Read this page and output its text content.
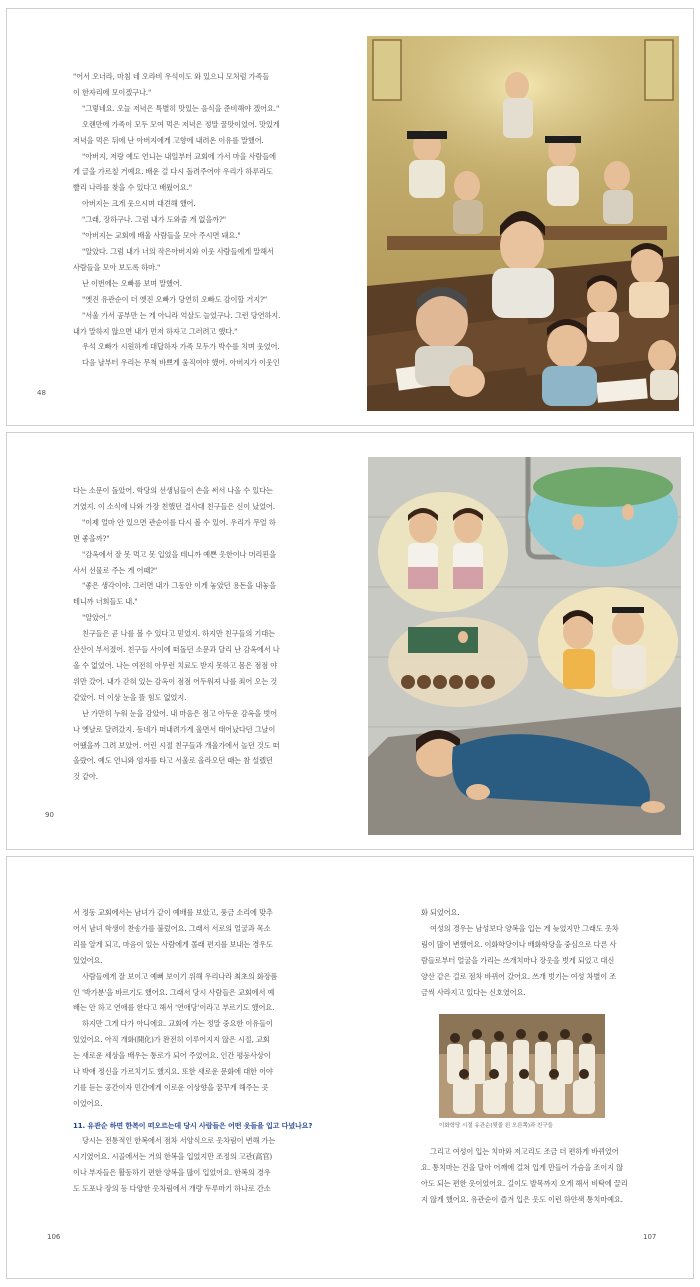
"어서 오너라, 마침 네 오라비 우석이도 와 있으니 모처럼 가족들

이 한자리에 모이겠구나."

"그렇네요. 오늘 저녁은 특별히 맛있는 음식을 준비해야 겠어요."

오랜만에 가족이 모두 모여 먹은 저녁은 정말 꿀맛이었어. 맛있게

저녁을 먹은 뒤에 난 아버지에게 고향에 내려온 이유를 말했어.

"아버지, 저랑 예도 언니는 내일부터 교회에 가서 마을 사람들에

게 글을 가르칠 거예요. 배운 걸 다시 돌려주어야 우리가 하루라도

빨리 나라를 찾을 수 있다고 배웠어요."

아버지는 크게 웃으시며 대견해 했어.

"그래, 장하구나. 그럼 내가 도와줄 게 없을까?"

"아버지는 교회에 배울 사람들을 모아 주시면 돼요."

"알았다. 그럼 내가 너의 작은아버지와 이웃 사람들에게 말해서

사람들을 모아 보도록 하마."

난 이번에는 오빠를 보며 말했어.

"옛진 유관순이 더 옛진 오빠가 당연히 오빠도 감이할 거지?"

"서울 가서 공부만 는 게 아니라 억살도 늘었구나. 그런 당연하지.

내가 말하지 않으면 내가 먼저 하자고 그러려고 했다."

우석 오빠가 시원하게 대답하자 가족 모두가 박수를 치며 웃었어.

다음 날부터 우리는 무척 바쁘게 움직여야 했어. 아버지가 이웃인

48

다는 소문이 돌았어. 학당의 선생님들이 손을 써서 나올 수 있다는

거였지. 이 소식에 나와 가장 친했던 결사대 친구들은 신이 났었어.

"이제 얼마 안 있으면 관순이를 다시 볼 수 있어. 우리가 무얼 하

면 좋을까?"

"감옥에서 잘 못 먹고 못 입었을 테니까 예쁜 옷한이나 머리핀을

사서 선물로 주는 게 어때?"

"좋은 생각이야. 그러면 내가 그동안 이게 놓았던 용돈을 내놓을

테니까 너희들도 내."

"알았어."

친구들은 곧 나를 볼 수 있다고 믿었지. 하지만 친구들의 기대는

산산이 부서졌어. 친구들 사이에 떠돌던 소문과 달리 난 감옥에서 나

올 수 없었어. 나는 여전히 아무런 치료도 받지 못하고 몸은 점점 야

위만 갔어. 내가 갇혀 있는 감옥이 점점 어두워져 나를 죄어 오는 것

같았어. 더 이상 눈을 뜰 힘도 없었지.

난 가만히 누워 눈을 감았어. 내 마음은 점고 아두운 감옥을 벗어

나 옛날로 달려갔지. 동네가 떠내려가게 울면서 태어났다던 그날이

어땠을까 그려 보았어. 어린 시절 친구들과 개울가에서 놀던 것도 떠

올랐어. 예도 언니와 엄자를 타고 서울로 올라오던 때는 참 설렜던

것 같아.

90

서 정동 교회에서는 남녀가 같이 예배를 보았고, 풍금 소리에 맞추

어서 남녀 학생이 찬송가를 불렀어요. 그래서 서로의 얼굴과 목소

리를 알게 되고, 마음이 있는 사람에게 몰래 편지를 보내는 경우도

있었어요.

사람들에게 잘 보이고 예뻐 보이기 위해 우리나라 최초의 화장품

인 '박가분'을 바르기도 했어요. 그래서 당시 사람들은 교회에서 예

배는 안 하고 연애를 한다고 해서 '연애당'이라고 부르기도 했어요.

하지만 그게 다가 아니에요. 교회에 가는 정말 중요한 이유들이

있었어요. 아직 개화(開化)가 완전히 이루어지지 않은 시절, 교회

는 새로운 세상을 배우는 통로가 되어 주었어요. 인간 평등사상이

나 박애 정신을 가르치기도 했지요. 또한 새로운 문화에 대한 이야

기를 듣는 공간이자 민간에게 이로운 이상향을 꿈꾸게 해주는 곳

이었어요.

11. 유관순 하면 한복이 떠오르는데 당시 사람들은 어떤 옷들을 입고 다녔나요?

당시는 전통적인 한복에서 점차 서양식으로 옷차림이 변해 가는

시기였어요. 시골에서는 거의 한복을 입었지만 조정의 고관(高官)

이나 부자들은 활동하기 편한 양복을 많이 입었어요. 한복의 경우

도 도포나 장의 등 다양한 옷차림에서 개량 두루마기 하나로 간소

106

화 되었어요.

여성의 경우는 남성보다 양복을 입는 게 늦었지만 그래도 옷차

림이 많이 변했어요. 이화학당이나 배화학당을 중심으로 다른 사

람들로부터 얼굴을 가리는 쓰개치마나 장옷을 벗게 되었고 대신

양산 같은 걸로 점차 바뀌어 갔어요. 쓰개 벗기는 여성 차별이 조

금씩 사라지고 있다는 신호였어요.

이화학당 시절 유관순(뒷줄 왼 오른쪽)과 친구들

그리고 여성이 입는 치마와 저고리도 조금 더 편하게 바뀌었어

요. 통치마는 건을 달아 어깨에 걸쳐 입게 만들어 가슴을 조이지 않

아도 되는 편한 옷이었어요. 길이도 발목까지 오게 해서 비탁에 끌리

지 않게 했어요. 유관순이 즐겨 입은 옷도 이런 하얀색 통치마예요.

107
